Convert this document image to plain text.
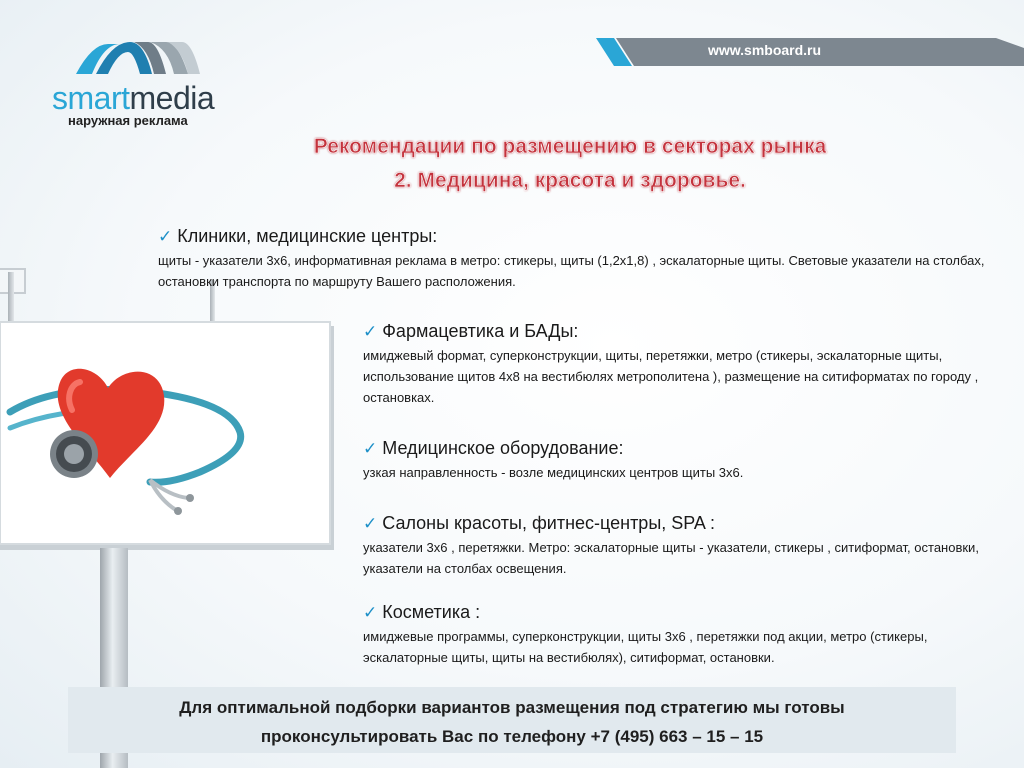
smartmedia
наружная реклама
www.smboard.ru
Рекомендации по размещению в секторах рынка
2. Медицина, красота и здоровье.
✓ Клиники, медицинские центры:

щиты - указатели 3х6, информативная реклама в метро: стикеры, щиты (1,2х1,8) , эскалаторные щиты. Световые указатели на столбах, остановки транспорта по маршруту Вашего расположения.

✓ Фармацевтика и БАДы:

имиджевый формат, суперконструкции, щиты, перетяжки, метро (стикеры, эскалаторные щиты, использование щитов 4х8 на вестибюлях метрополитена ), размещение на ситиформатах по городу , остановках.

✓ Медицинское оборудование:

узкая направленность - возле медицинских центров щиты 3х6.

✓ Салоны красоты, фитнес-центры, SPA :

указатели 3х6 , перетяжки. Метро: эскалаторные щиты - указатели, стикеры , ситиформат, остановки, указатели на столбах освещения.

✓ Косметика :

имиджевые программы, суперконструкции, щиты 3х6 , перетяжки под акции, метро (стикеры, эскалаторные щиты, щиты на вестибюлях), ситиформат, остановки.

Для оптимальной подборки вариантов размещения под стратегию мы готовы
проконсультировать Вас по телефону +7 (495) 663 – 15 – 15
